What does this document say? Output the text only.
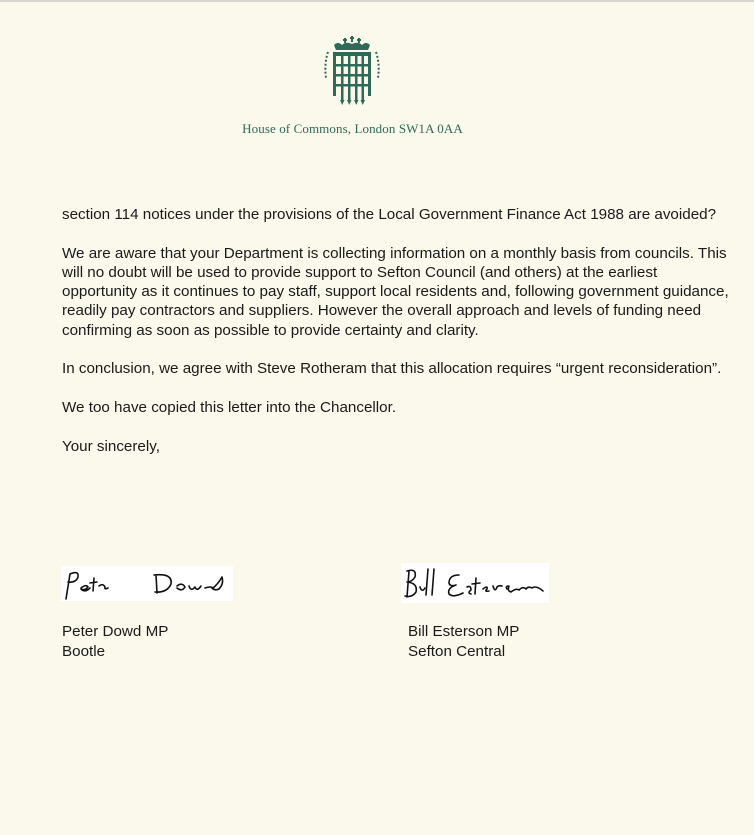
House of Commons, London SW1A 0AA

section 114 notices under the provisions of the Local Government Finance Act 1988 are avoided?

We are aware that your Department is collecting information on a monthly basis from councils. This will no doubt will be used to provide support to Sefton Council (and others) at the earliest opportunity as it continues to pay staff, support local residents and, following government guidance, readily pay contractors and suppliers. However the overall approach and levels of funding need confirming as soon as possible to provide certainty and clarity.

In conclusion, we agree with Steve Rotheram that this allocation requires “urgent reconsideration”.

We too have copied this letter into the Chancellor.

Your sincerely,

Peter Dowd MP
Bootle
Bill Esterson MP
Sefton Central
